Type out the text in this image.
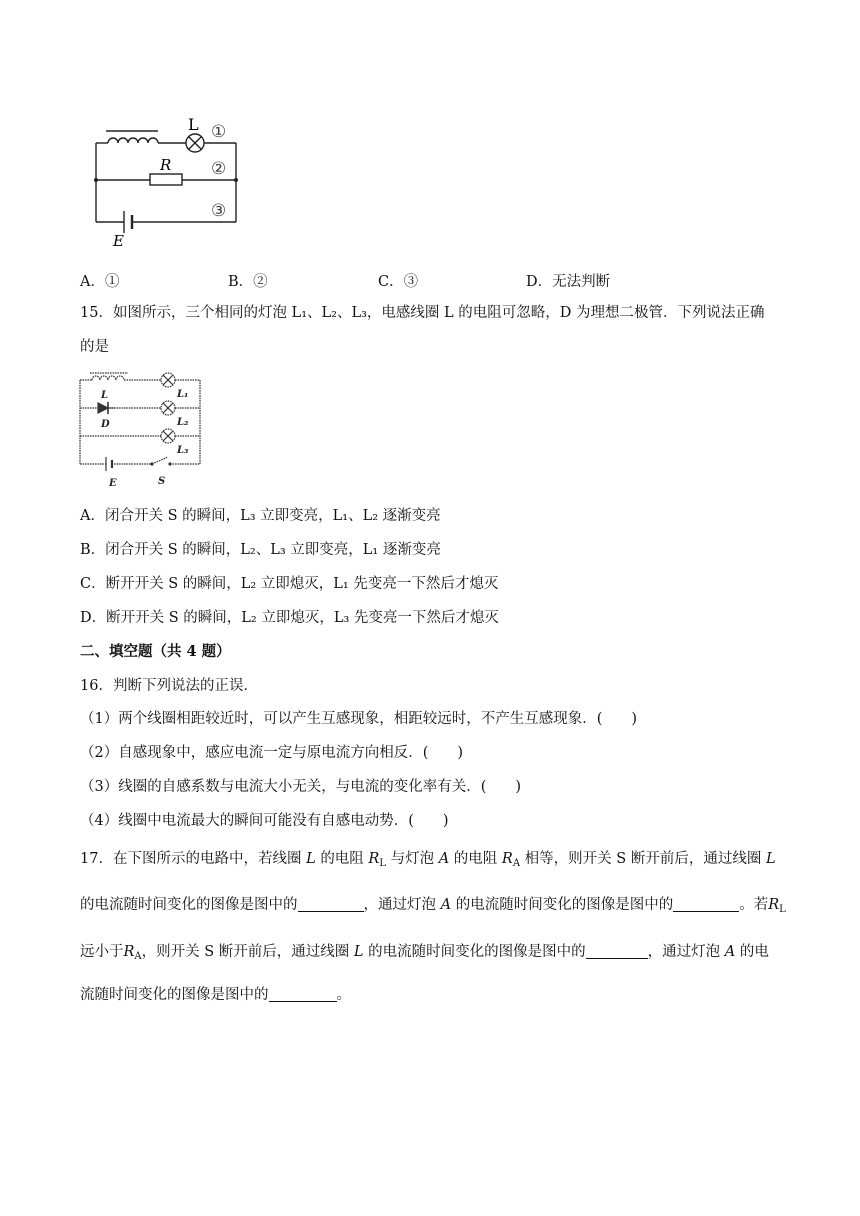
L
R
E
①
②
③
A．①	B．②	C．③	D．无法判断
15．如图所示，三个相同的灯泡 L₁、L₂、L₃，电感线圈 L 的电阻可忽略，D 为理想二极管．下列说法正确
的是
L
D
L₁
L₂
L₃
E	S
A．闭合开关 S 的瞬间，L₃ 立即变亮，L₁、L₂ 逐渐变亮
B．闭合开关 S 的瞬间，L₂、L₃ 立即变亮，L₁ 逐渐变亮
C．断开开关 S 的瞬间，L₂ 立即熄灭，L₁ 先变亮一下然后才熄灭
D．断开开关 S 的瞬间，L₂ 立即熄灭，L₃ 先变亮一下然后才熄灭
二、填空题（共 4 题）
16．判断下列说法的正误．
（1）两个线圈相距较近时，可以产生互感现象，相距较远时，不产生互感现象．(　　)
（2）自感现象中，感应电流一定与原电流方向相反．(　　)
（3）线圈的自感系数与电流大小无关，与电流的变化率有关．(　　)
（4）线圈中电流最大的瞬间可能没有自感电动势．(　　)
17．在下图所示的电路中，若线圈 L 的电阻 $R_L$ 与灯泡 A 的电阻 $R_A$ 相等，则开关 S 断开前后，通过线圈 L
的电流随时间变化的图像是图中的	，通过灯泡 A 的电流随时间变化的图像是图中的	。若$R_L$
远小于$R_A$，则开关 S 断开前后，通过线圈 L 的电流随时间变化的图像是图中的	，通过灯泡 A 的电
流随时间变化的图像是图中的	。
